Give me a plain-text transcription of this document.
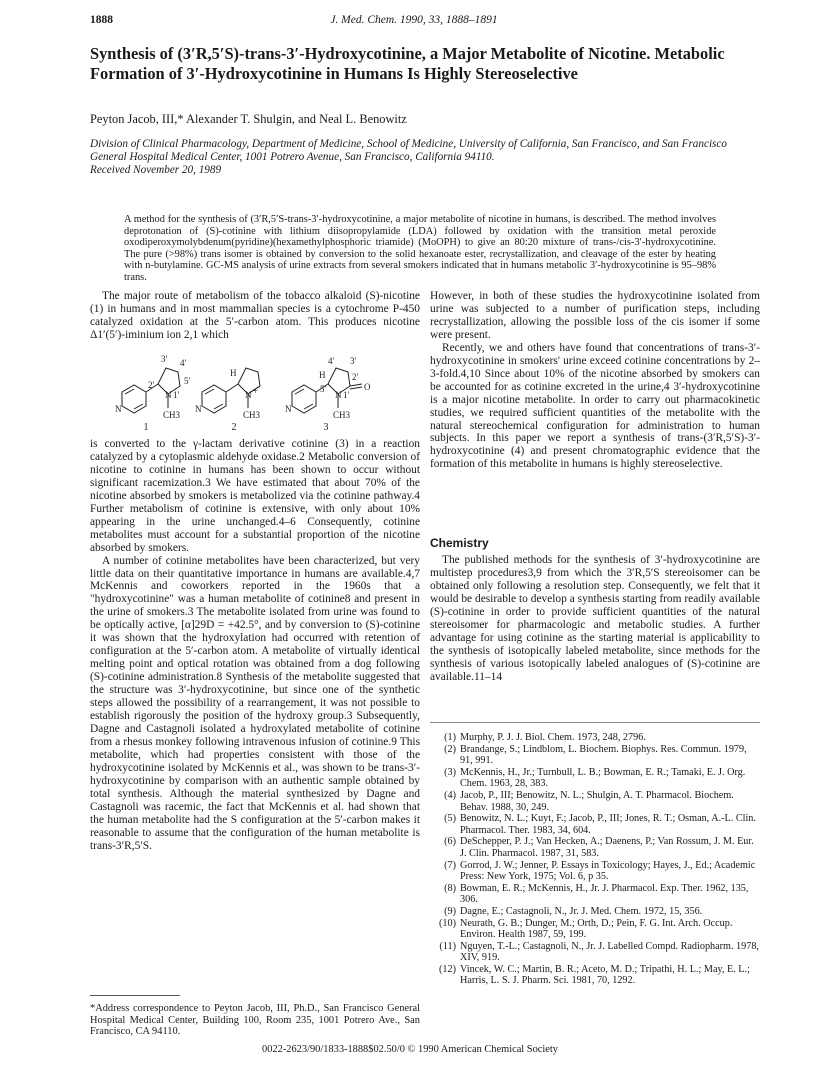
1888	J. Med. Chem. 1990, 33, 1888–1891
Synthesis of (3′R,5′S)-trans-3′-Hydroxycotinine, a Major Metabolite of Nicotine. Metabolic Formation of 3′-Hydroxycotinine in Humans Is Highly Stereoselective
Peyton Jacob, III,* Alexander T. Shulgin, and Neal L. Benowitz
Division of Clinical Pharmacology, Department of Medicine, School of Medicine, University of California, San Francisco, and San Francisco General Hospital Medical Center, 1001 Potrero Avenue, San Francisco, California 94110.
Received November 20, 1989

A method for the synthesis of (3′R,5′S-trans-3′-hydroxycotinine, a major metabolite of nicotine in humans, is described. The method involves deprotonation of (S)-cotinine with lithium diisopropylamide (LDA) followed by oxidation with the transition metal peroxide oxodiperoxymolybdenum(pyridine)(hexamethylphosphoric triamide) (MoOPH) to give an 80:20 mixture of trans-/cis-3′-hydroxycotinine. The pure (>98%) trans isomer is obtained by conversion to the solid hexanoate ester, recrystallization, and cleavage of the ester by heating with n-butylamine. GC-MS analysis of urine extracts from several smokers indicated that in humans metabolic 3′-hydroxycotinine is 95–98% trans.

The major route of metabolism of the tobacco alkaloid (S)-nicotine (1) in humans and in most mammalian species is a cytochrome P-450 catalyzed oxidation at the 5′-carbon atom. This produces nicotine Δ1′(5′)-iminium ion 2,1 which

3′ 4′
5′
2′
N 1′
CH3
N
H
N +
CH3
N
4′ 3′
H
5′
2′
O
N 1′
CH3
N
1	2	3

is converted to the γ-lactam derivative cotinine (3) in a reaction catalyzed by a cytoplasmic aldehyde oxidase.2 Metabolic conversion of nicotine to cotinine in humans has been shown to occur without significant racemization.3 We have estimated that about 70% of the nicotine absorbed by smokers is metabolized via the cotinine pathway.4 Further metabolism of cotinine is extensive, with only about 10% appearing in the urine unchanged.4–6 Consequently, cotinine metabolites must account for a substantial proportion of the nicotine absorbed by smokers.

A number of cotinine metabolites have been characterized, but very little data on their quantitative importance in humans are available.4,7 McKennis and coworkers reported in the 1960s that a "hydroxycotinine" was a human metabolite of cotinine8 and present in the urine of smokers.3 The metabolite isolated from urine was found to be optically active, [α]29D = +42.5°, and by conversion to (S)-cotinine it was shown that the hydroxylation had occurred with retention of configuration at the 5′-carbon atom. A metabolite of virtually identical melting point and optical rotation was obtained from a dog following (S)-cotinine administration.8 Synthesis of the metabolite suggested that the structure was 3′-hydroxycotinine, but since one of the synthetic steps allowed the possibility of a rearrangement, it was not possible to establish rigorously the position of the hydroxy group.3 Subsequently, Dagne and Castagnoli isolated a hydroxylated metabolite of cotinine from a rhesus monkey following intravenous infusion of cotinine.9 This metabolite, which had properties consistent with those of the hydroxycotinine isolated by McKennis et al., was shown to be trans-3′-hydroxycotinine by comparison with an authentic sample obtained by total synthesis. Although the material synthesized by Dagne and Castagnoli was racemic, the fact that McKennis et al. had shown that the human metabolite had the S configuration at the 5′-carbon makes it reasonable to assume that the configuration of the human metabolite is trans-3′R,5′S.

*Address correspondence to Peyton Jacob, III, Ph.D., San Francisco General Hospital Medical Center, Building 100, Room 235, 1001 Potrero Ave., San Francisco, CA 94110.

However, in both of these studies the hydroxycotinine isolated from urine was subjected to a number of purification steps, including recrystallization, allowing the possible loss of the cis isomer if some were present.

Recently, we and others have found that concentrations of trans-3′-hydroxycotinine in smokers' urine exceed cotinine concentrations by 2–3-fold.4,10 Since about 10% of the nicotine absorbed by smokers can be accounted for as cotinine excreted in the urine,4 3′-hydroxycotinine is a major nicotine metabolite. In order to carry out pharmacokinetic studies, we required sufficient quantities of the metabolite with the natural stereochemical configuration for administration to human subjects. In this paper we report a synthesis of trans-(3′R,5′S)-3′-hydroxycotinine (4) and present chromatographic evidence that the formation of this metabolite in humans is highly stereoselective.

Chemistry

The published methods for the synthesis of 3′-hydroxycotinine are multistep procedures3,9 from which the 3′R,5′S stereoisomer can be obtained only following a resolution step. Consequently, we felt that it would be desirable to develop a synthesis starting from readily available (S)-cotinine in order to provide sufficient quantities of the natural stereoisomer for pharmacologic and metabolic studies. A further advantage for using cotinine as the starting material is applicability to the synthesis of isotopically labeled metabolite, since methods for the synthesis of various isotopically labeled analogues of (S)-cotinine are available.11–14

(1) Murphy, P. J. J. Biol. Chem. 1973, 248, 2796.
(2) Brandange, S.; Lindblom, L. Biochem. Biophys. Res. Commun. 1979, 91, 991.
(3) McKennis, H., Jr.; Turnbull, L. B.; Bowman, E. R.; Tamaki, E. J. Org. Chem. 1963, 28, 383.
(4) Jacob, P., III; Benowitz, N. L.; Shulgin, A. T. Pharmacol. Biochem. Behav. 1988, 30, 249.
(5) Benowitz, N. L.; Kuyt, F.; Jacob, P., III; Jones, R. T.; Osman, A.-L. Clin. Pharmacol. Ther. 1983, 34, 604.
(6) DeSchepper, P. J.; Van Hecken, A.; Daenens, P.; Van Rossum, J. M. Eur. J. Clin. Pharmacol. 1987, 31, 583.
(7) Gorrod, J. W.; Jenner, P. Essays in Toxicology; Hayes, J., Ed.; Academic Press: New York, 1975; Vol. 6, p 35.
(8) Bowman, E. R.; McKennis, H., Jr. J. Pharmacol. Exp. Ther. 1962, 135, 306.
(9) Dagne, E.; Castagnoli, N., Jr. J. Med. Chem. 1972, 15, 356.
(10) Neurath, G. B.; Dunger, M.; Orth, D.; Pein, F. G. Int. Arch. Occup. Environ. Health 1987, 59, 199.
(11) Nguyen, T.-L.; Castagnoli, N., Jr. J. Labelled Compd. Radiopharm. 1978, XIV, 919.
(12) Vincek, W. C.; Martin, B. R.; Aceto, M. D.; Tripathi, H. L.; May, E. L.; Harris, L. S. J. Pharm. Sci. 1981, 70, 1292.
0022-2623/90/1833-1888$02.50/0 © 1990 American Chemical Society
